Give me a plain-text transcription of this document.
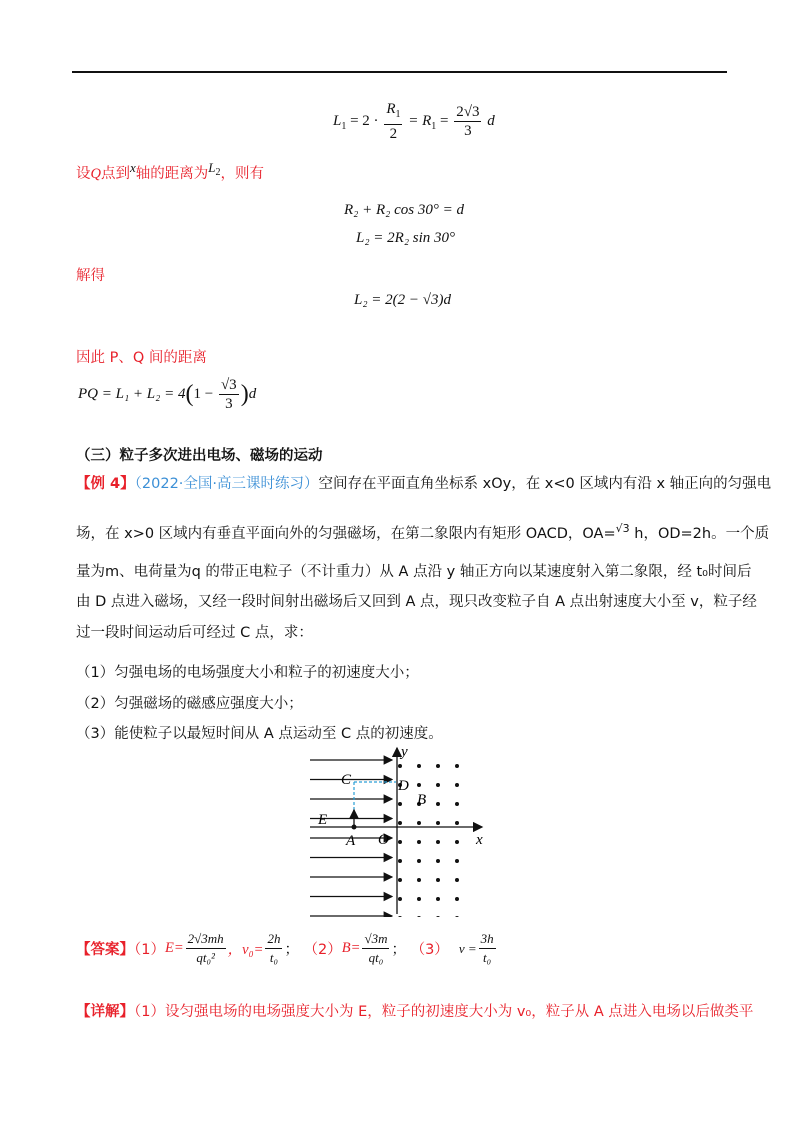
$L_1 = 2 \cdot \frac{R_1}{2} = R_1 = \frac{2√3}{3}$ d
设Q点到$^x$轴的距离为$^{L_2}$，则有
R₂ + R₂ cos 30° = d
L₂ = 2R₂ sin 30°
解得
L₂ = 2(2 − √3)d
因此 P、Q 间的距离
PQ = $L_1 + L_2 = 4(1 - \frac{√3}{3} )d$
（三）粒子多次进出电场、磁场的运动
【例 4】（2022·全国·高三课时练习）空间存在平面直角坐标系 xOy，在 x<0 区域内有沿 x 轴正向的匀强电
场，在 x>0 区域内有垂直平面向外的匀强磁场，在第二象限内有矩形 OACD，OA=$^{√3}$ h，OD=2h。一个质
量为m、电荷量为q 的带正电粒子（不计重力）从 A 点沿 y 轴正方向以某速度射入第二象限，经 t₀时间后
由 D 点进入磁场，又经一段时间射出磁场后又回到 A 点，现只改变粒子自 A 点出射速度大小至 v，粒子经
过一段时间运动后可经过 C 点，求：
（1）匀强电场的电场强度大小和粒子的初速度大小；
（2）匀强磁场的磁感应强度大小；
（3）能使粒子以最短时间从 A 点运动至 C 点的初速度。
y
x
C	D
B
E
A O
【答案】$(1)E= \frac{2√3mh}{\text{qt₀²}}$ ，$v_0= \frac{2h}{\text{t₀}}$ ； $(2)B= \frac{√3m}{\text{qt₀}}$ ； （3） $v = \frac{3h}{\text{t₀}}$
【详解】（1）设匀强电场的电场强度大小为 E，粒子的初速度大小为 v₀，粒子从 A 点进入电场以后做类平
